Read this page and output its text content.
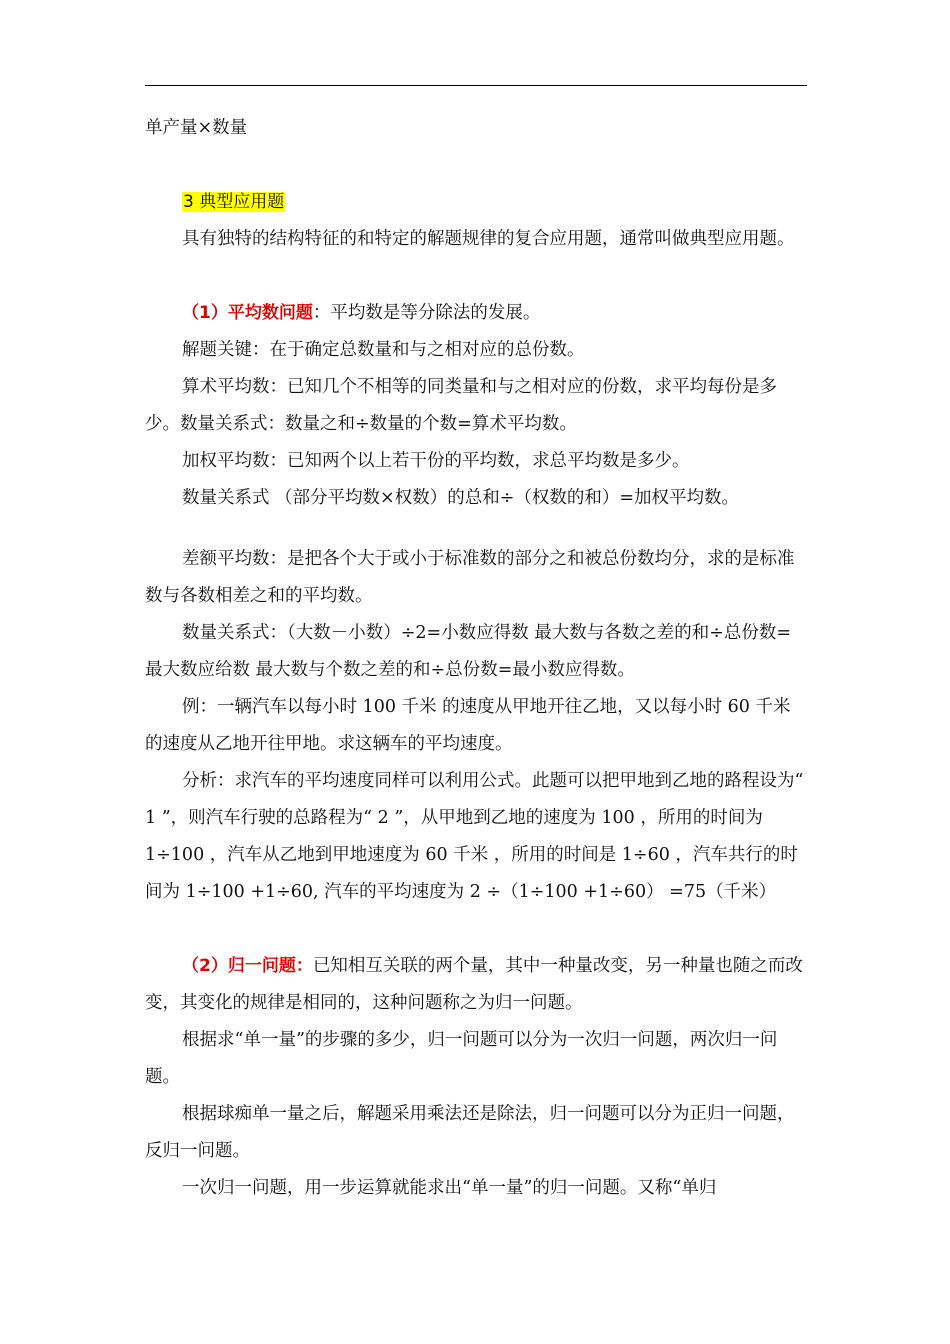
单产量×数量

3 典型应用题

具有独特的结构特征的和特定的解题规律的复合应用题，通常叫做典型应用题。

（1）平均数问题：平均数是等分除法的发展。

解题关键：在于确定总数量和与之相对应的总份数。

算术平均数：已知几个不相等的同类量和与之相对应的份数，求平均每份是多少。数量关系式：数量之和÷数量的个数=算术平均数。

加权平均数：已知两个以上若干份的平均数，求总平均数是多少。

数量关系式 （部分平均数×权数）的总和÷（权数的和）=加权平均数。

差额平均数：是把各个大于或小于标准数的部分之和被总份数均分，求的是标准数与各数相差之和的平均数。

数量关系式：（大数－小数）÷2=小数应得数 最大数与各数之差的和÷总份数=最大数应给数 最大数与个数之差的和÷总份数=最小数应得数。

例：一辆汽车以每小时 100 千米 的速度从甲地开往乙地，又以每小时 60 千米的速度从乙地开往甲地。求这辆车的平均速度。

分析：求汽车的平均速度同样可以利用公式。此题可以把甲地到乙地的路程设为“ 1 ”，则汽车行驶的总路程为“ 2 ”，从甲地到乙地的速度为 100 ，所用的时间为 1÷100 ，汽车从乙地到甲地速度为 60 千米 ，所用的时间是 1÷60 ，汽车共行的时间为 1÷100 +1÷60, 汽车的平均速度为 2 ÷（1÷100 +1÷60） =75（千米）

（2）归一问题：已知相互关联的两个量，其中一种量改变，另一种量也随之而改变，其变化的规律是相同的，这种问题称之为归一问题。

根据求“单一量”的步骤的多少，归一问题可以分为一次归一问题，两次归一问题。

根据球痴单一量之后，解题采用乘法还是除法，归一问题可以分为正归一问题，反归一问题。

一次归一问题，用一步运算就能求出“单一量”的归一问题。又称“单归
